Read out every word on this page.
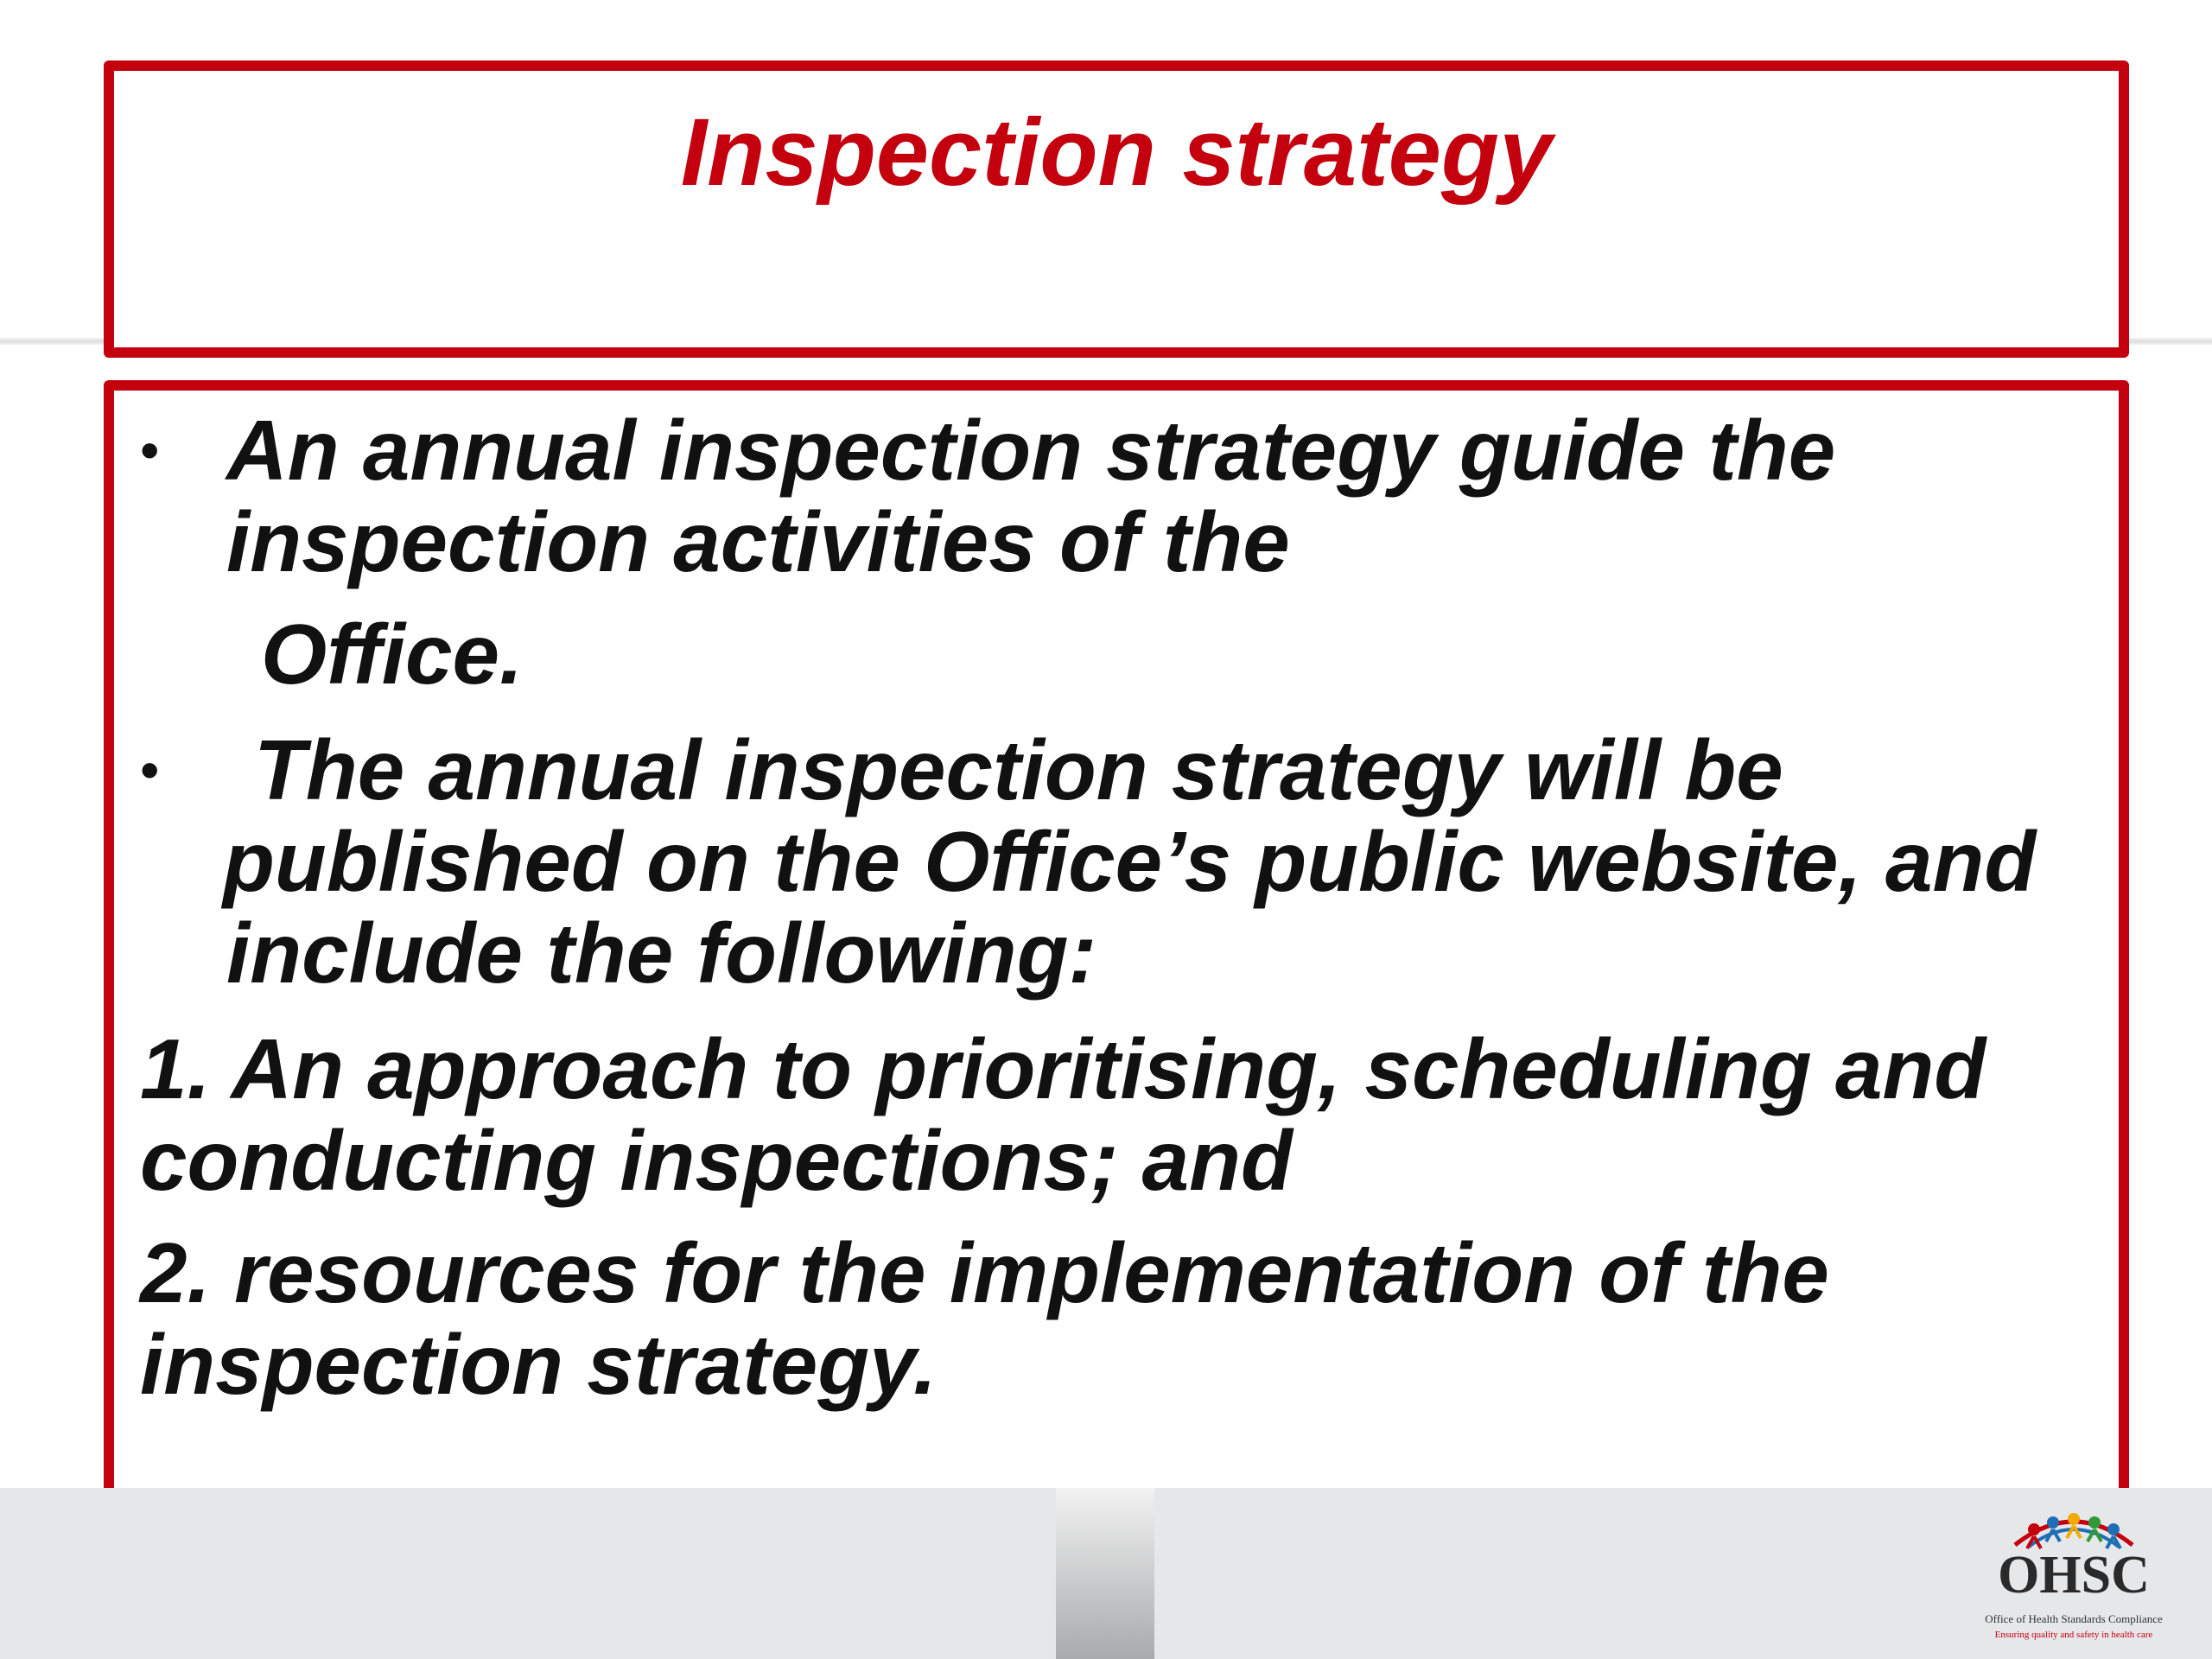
Inspection strategy
• An annual inspection strategy guide the
inspection activities of the
Office.
• The annual inspection strategy will be
published on the Office’s public website, and
include the following:
1. An approach to prioritising, scheduling and
conducting inspections; and
2. resources for the implementation of the
inspection strategy.
OHSC
Office of Health Standards Compliance
Ensuring quality and safety in health care
